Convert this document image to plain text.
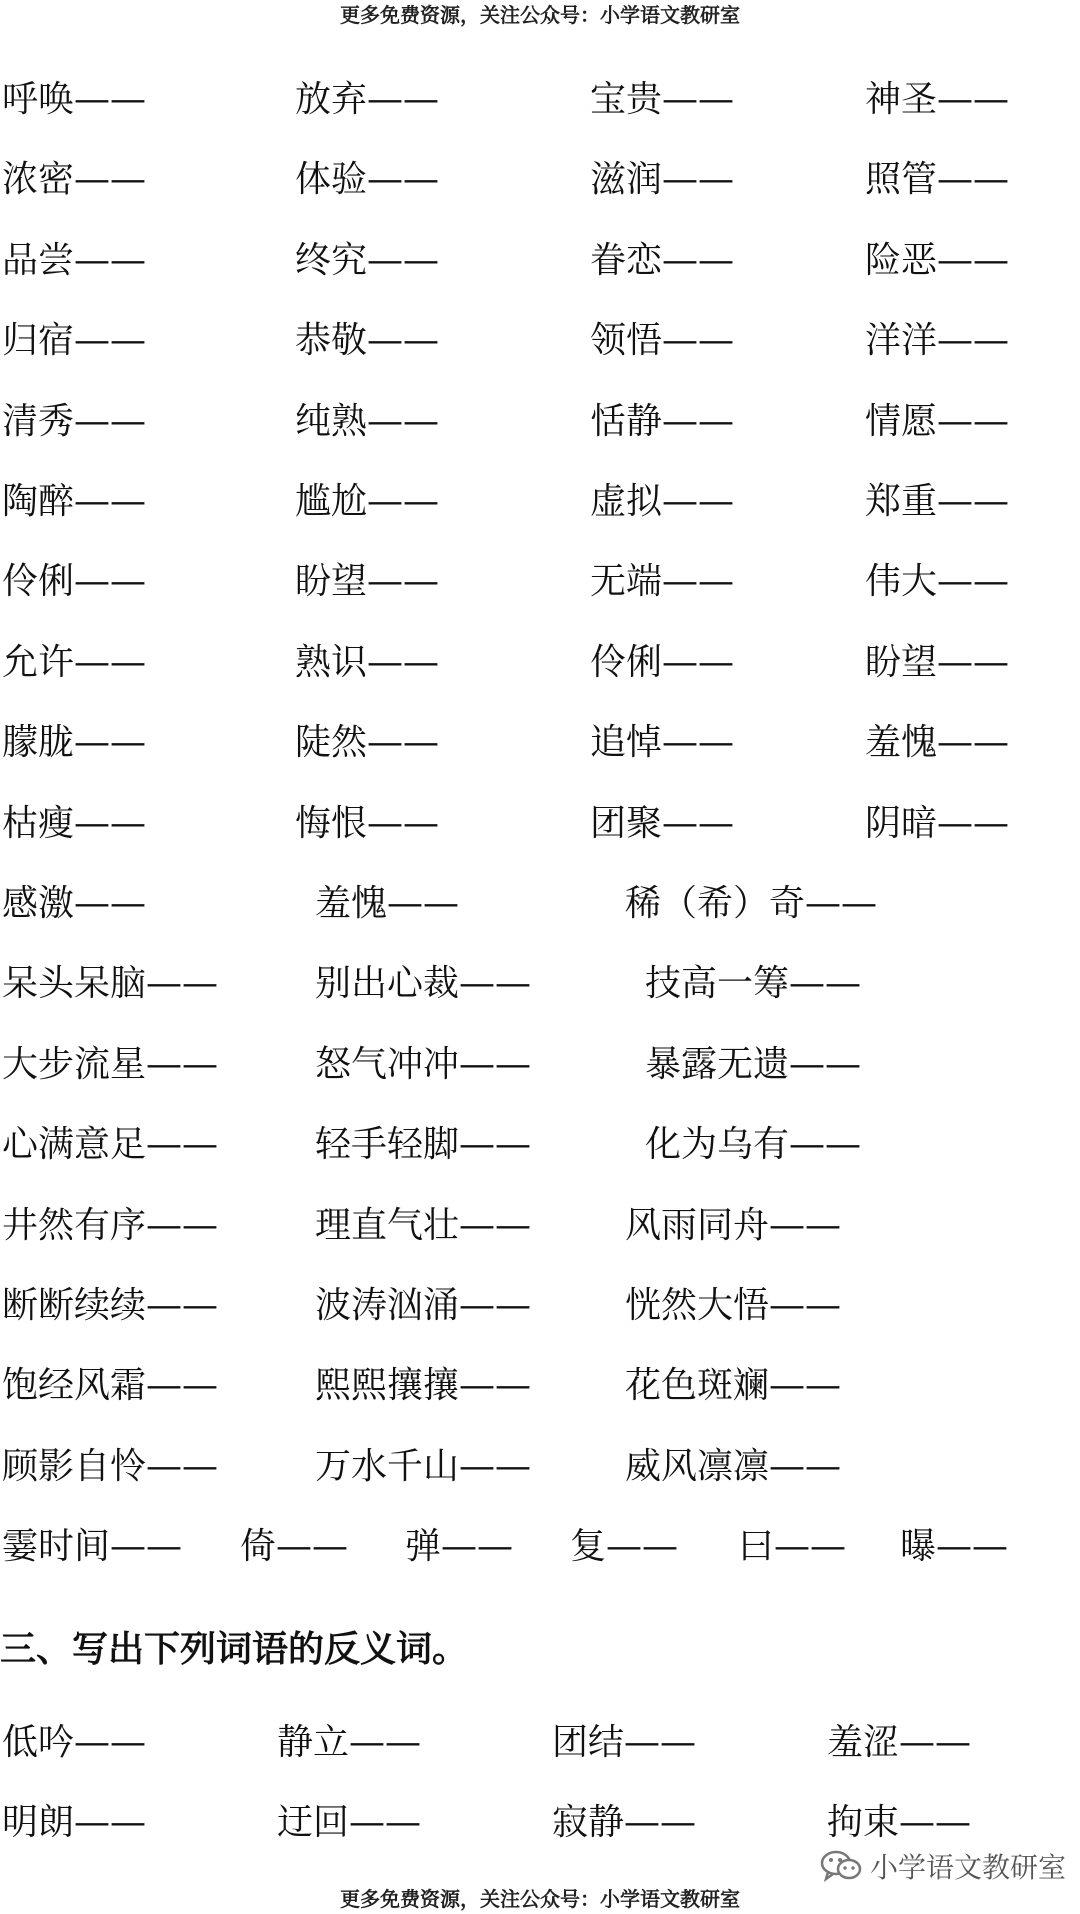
更多免费资源，关注公众号：小学语文教研室
呼唤——	放弃——	宝贵——	神圣——
浓密——	体验——	滋润——	照管——
品尝——	终究——	眷恋——	险恶——
归宿——	恭敬——	领悟——	洋洋——
清秀——	纯熟——	恬静——	情愿——
陶醉——	尴尬——	虚拟——	郑重——
伶俐——	盼望——	无端——	伟大——
允许——	熟识——	伶俐——	盼望——
朦胧——	陡然——	追悼——	羞愧——
枯瘦——	悔恨——	团聚——	阴暗——
感激——	羞愧——	稀（希）奇——
呆头呆脑——	别出心裁——	技高一筹——
大步流星——	怒气冲冲——	暴露无遗——
心满意足——	轻手轻脚——	化为乌有——
井然有序——	理直气壮——	风雨同舟——
断断续续——	波涛汹涌——	恍然大悟——
饱经风霜——	熙熙攘攘——	花色斑斓——
顾影自怜——	万水千山——	威风凛凛——
霎时间—— 倚—— 弹—— 复—— 曰—— 曝——
三、写出下列词语的反义词。
低吟——	静立——	团结——	羞涩——
明朗——	迂回——	寂静——	拘束——
小学语文教研室
更多免费资源，关注公众号：小学语文教研室
